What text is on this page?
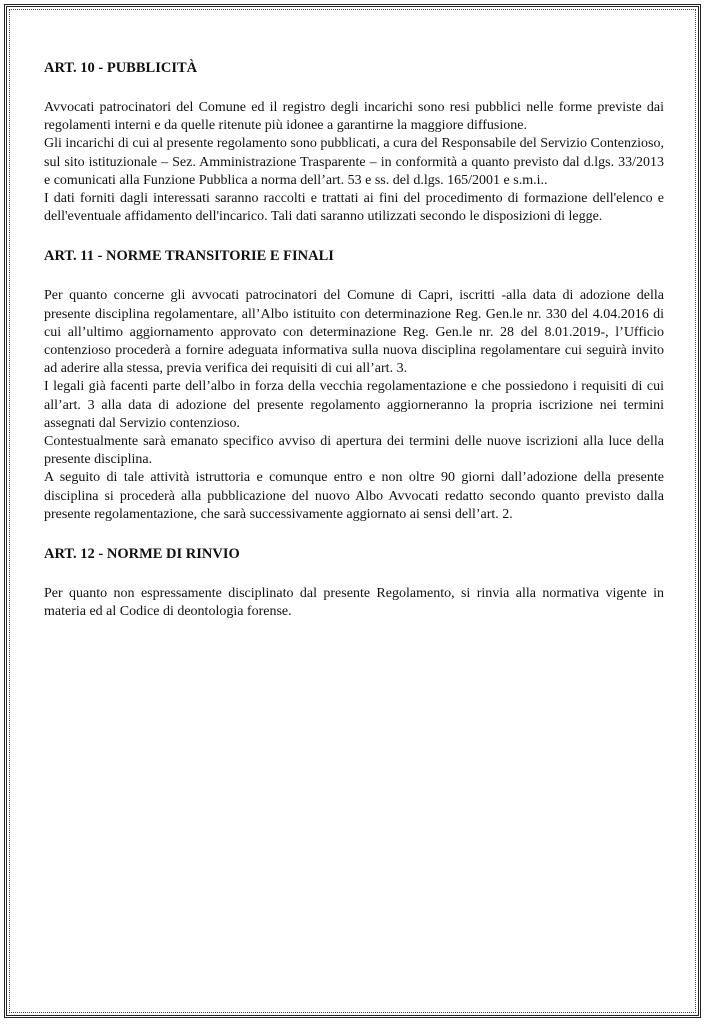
ART. 10 - PUBBLICITÀ

Avvocati patrocinatori del Comune ed il registro degli incarichi sono resi pubblici nelle forme previste dai regolamenti interni e da quelle ritenute più idonee a garantirne la maggiore diffusione.

Gli incarichi di cui al presente regolamento sono pubblicati, a cura del Responsabile del Servizio Contenzioso, sul sito istituzionale – Sez. Amministrazione Trasparente – in conformità a quanto previsto dal d.lgs. 33/2013 e comunicati alla Funzione Pubblica a norma dell’art. 53 e ss. del d.lgs. 165/2001 e s.m.i..

I dati forniti dagli interessati saranno raccolti e trattati ai fini del procedimento di formazione dell'elenco e dell'eventuale affidamento dell'incarico. Tali dati saranno utilizzati secondo le disposizioni di legge.

ART. 11 - NORME TRANSITORIE E FINALI

Per quanto concerne gli avvocati patrocinatori del Comune di Capri, iscritti -alla data di adozione della presente disciplina regolamentare, all’Albo istituito con determinazione Reg. Gen.le nr. 330 del 4.04.2016 di cui all’ultimo aggiornamento approvato con determinazione Reg. Gen.le nr. 28 del 8.01.2019-, l’Ufficio contenzioso procederà a fornire adeguata informativa sulla nuova disciplina regolamentare cui seguirà invito ad aderire alla stessa, previa verifica dei requisiti di cui all’art. 3.

I legali già facenti parte dell’albo in forza della vecchia regolamentazione e che possiedono i requisiti di cui all’art. 3 alla data di adozione del presente regolamento aggiorneranno la propria iscrizione nei termini assegnati dal Servizio contenzioso.

Contestualmente sarà emanato specifico avviso di apertura dei termini delle nuove iscrizioni alla luce della presente disciplina.

A seguito di tale attività istruttoria e comunque entro e non oltre 90 giorni dall’adozione della presente disciplina si procederà alla pubblicazione del nuovo Albo Avvocati redatto secondo quanto previsto dalla presente regolamentazione, che sarà successivamente aggiornato ai sensi dell’art. 2.

ART. 12 - NORME DI RINVIO

Per quanto non espressamente disciplinato dal presente Regolamento, si rinvia alla normativa vigente in materia ed al Codice di deontologia forense.
